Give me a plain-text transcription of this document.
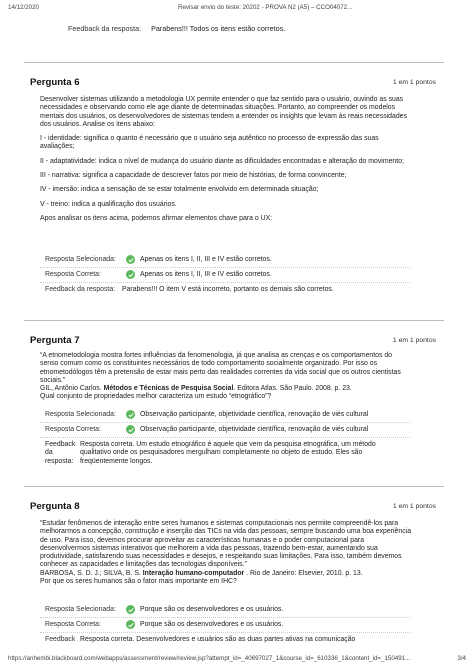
14/12/2020	Revisar envio do teste: 20202 - PROVA N2 (A5) – CCO04072...
Feedback da resposta: Parabens!!! Todos os itens estão corretos.
Pergunta 6	1 em 1 pontos

Desenvolver sistemas utilizando a metodologia UX permite entender o que faz sentido para o usuário, ouvindo as suas necessidades e observando como ele age diante de determinadas situações. Portanto, ao compreender os modelos mentais dos usuários, os desenvolvedores de sistemas tendem a entender os insights que levam às reais necessidades dos usuários. Analise os itens abaixo:

I - identidade: significa o quanto é necessário que o usuário seja autêntico no processo de expressão das suas avaliações;

II - adaptatividade: indica o nível de mudança do usuário diante as dificuldades encontradas e alteração do movimento;

III - narrativa: significa a capacidade de descrever fatos por meio de histórias, de forma convincente;

IV - imersão: indica a sensação de se estar totalmente envolvido em determinada situação;

V - treino: indica a qualificação dos usuários.

Apos analisar os itens acima, podemos afirmar elementos chave para o UX:

Resposta Selecionada:	Apenas os itens I, II, III e IV estão corretos.
Resposta Correta:	Apenas os itens I, II, III e IV estão corretos.
Feedback da resposta: Parabens!!! O item V está incorreto, portanto os demais são corretos.
Pergunta 7	1 em 1 pontos

“A etnometodologia mostra fortes influências da fenomenologia, já que analisa as crenças e os comportamentos do senso comum como os constituintes necessários de todo comportamento socialmente organizado. Por isso os etnometodólogos têm a pretensão de estar mais perto das realidades correntes da vida social que os outros cientistas sociais.”

GIL, Antônio Carlos. Métodos e Técnicas de Pesquisa Social. Editora Atlas. São Paulo. 2008. p. 23.

Qual conjunto de propriedades melhor caracteriza um estudo “etnográfico”?

Resposta Selecionada:	Observação participante, objetividade científica, renovação de viés cultural
Resposta Correta:	Observação participante, objetividade científica, renovação de viés cultural
Feedback
da
resposta:
Resposta correta. Um estudo etnográfico é aquele que vem da pesquisa etnográfica, um método qualitativo onde os pesquisadores mergulham completamente no objeto de estudo. Eles são freqüentemente longos.
Pergunta 8	1 em 1 pontos

“Estudar fenômenos de interação entre seres humanos e sistemas computacionais nos permite compreendê-los para melhorarmos a concepção, construção e inserção das TICs na vida das pessoas, sempre buscando uma boa experiência de uso. Para isso, devemos procurar aproveitar as características humanas e o poder computacional para desenvolvermos sistemas interativos que melhorem a vida das pessoas, trazendo bem-estar, aumentando sua produtividade, satisfazendo suas necessidades e desejos, e respeitando suas limitações. Para isso, também devemos conhecer as capacidades e limitações das tecnologias disponíveis.”

BARBOSA, S. D. J.; SILVA, B. S. Interação humano-computador . Rio de Janeiro: Elsevier, 2010. p. 13.

Por que os seres humanos são o fator mais importante em IHC?

Resposta Selecionada:	Porque são os desenvolvedores e os usuários.
Resposta Correta:	Porque são os desenvolvedores e os usuários.
Feedback Resposta correta. Desenvolvedores e usuários são as duas partes ativas na comunicação
https://anhembi.blackboard.com/webapps/assessment/review/review.jsp?attempt_id=_40697027_1&course_id=_610336_1&content_id=_150491...	3/4
